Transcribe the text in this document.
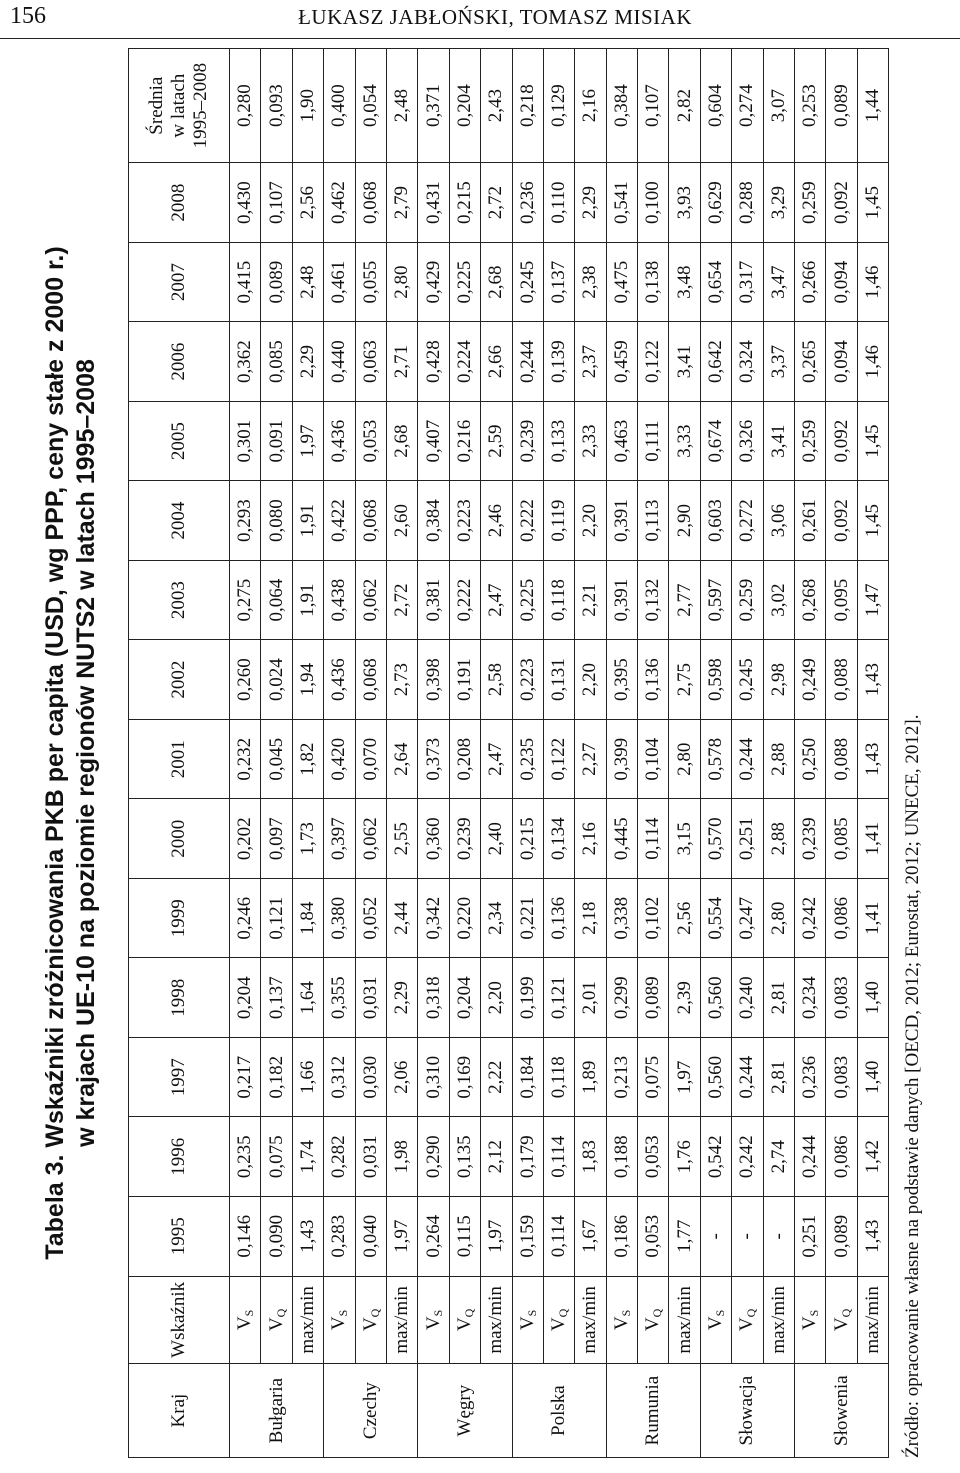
156	ŁUKASZ JABŁOŃSKI, TOMASZ MISIAK
Tabela 3. Wskaźniki zróżnicowania PKB per capita (USD, wg PPP, ceny stałe z 2000 r.) w krajach UE-10 na poziomie regionów NUTS2 w latach 1995–2008
Kraj	Wskaźnik	1995	1996	1997	1998	1999	2000	2001	2002	2003	2004	2005	2006	2007	2008	Średnia
w latach
1995–2008
Bułgaria	$V_S$	0,146	0,235	0,217	0,204	0,246	0,202	0,232	0,260	0,275	0,293	0,301	0,362	0,415	0,430	0,280
	$V_Q$	0,090	0,075	0,182	0,137	0,121	0,097	0,045	0,024	0,064	0,080	0,091	0,085	0,089	0,107	0,093
	max/min	1,43	1,74	1,66	1,64	1,84	1,73	1,82	1,94	1,91	1,91	1,97	2,29	2,48	2,56	1,90
Czechy	$V_S$	0,283	0,282	0,312	0,355	0,380	0,397	0,420	0,436	0,438	0,422	0,436	0,440	0,461	0,462	0,400
	$V_Q$	0,040	0,031	0,030	0,031	0,052	0,062	0,070	0,068	0,062	0,068	0,053	0,063	0,055	0,068	0,054
	max/min	1,97	1,98	2,06	2,29	2,44	2,55	2,64	2,73	2,72	2,60	2,68	2,71	2,80	2,79	2,48
Węgry	$V_S$	0,264	0,290	0,310	0,318	0,342	0,360	0,373	0,398	0,381	0,384	0,407	0,428	0,429	0,431	0,371
	$V_Q$	0,115	0,135	0,169	0,204	0,220	0,239	0,208	0,191	0,222	0,223	0,216	0,224	0,225	0,215	0,204
	max/min	1,97	2,12	2,22	2,20	2,34	2,40	2,47	2,58	2,47	2,46	2,59	2,66	2,68	2,72	2,43
Polska	$V_S$	0,159	0,179	0,184	0,199	0,221	0,215	0,235	0,223	0,225	0,222	0,239	0,244	0,245	0,236	0,218
	$V_Q$	0,114	0,114	0,118	0,121	0,136	0,134	0,122	0,131	0,118	0,119	0,133	0,139	0,137	0,110	0,129
	max/min	1,67	1,83	1,89	2,01	2,18	2,16	2,27	2,20	2,21	2,20	2,33	2,37	2,38	2,29	2,16
Rumunia	$V_S$	0,186	0,188	0,213	0,299	0,338	0,445	0,399	0,395	0,391	0,391	0,463	0,459	0,475	0,541	0,384
	$V_Q$	0,053	0,053	0,075	0,089	0,102	0,114	0,104	0,136	0,132	0,113	0,111	0,122	0,138	0,100	0,107
	max/min	1,77	1,76	1,97	2,39	2,56	3,15	2,80	2,75	2,77	2,90	3,33	3,41	3,48	3,93	2,82
Słowacja	$V_S$	-	0,542	0,560	0,560	0,554	0,570	0,578	0,598	0,597	0,603	0,674	0,642	0,654	0,629	0,604
	$V_Q$	-	0,242	0,244	0,240	0,247	0,251	0,244	0,245	0,259	0,272	0,326	0,324	0,317	0,288	0,274
	max/min	-	2,74	2,81	2,81	2,80	2,88	2,88	2,98	3,02	3,06	3,41	3,37	3,47	3,29	3,07
Słowenia	$V_S$	0,251	0,244	0,236	0,234	0,242	0,239	0,250	0,249	0,268	0,261	0,259	0,265	0,266	0,259	0,253
	$V_Q$	0,089	0,086	0,083	0,083	0,086	0,085	0,088	0,088	0,095	0,092	0,092	0,094	0,094	0,092	0,089
	max/min	1,43	1,42	1,40	1,40	1,41	1,41	1,43	1,43	1,47	1,45	1,45	1,46	1,46	1,45	1,44
Źródło: opracowanie własne na podstawie danych [OECD, 2012; Eurostat, 2012; UNECE, 2012].
